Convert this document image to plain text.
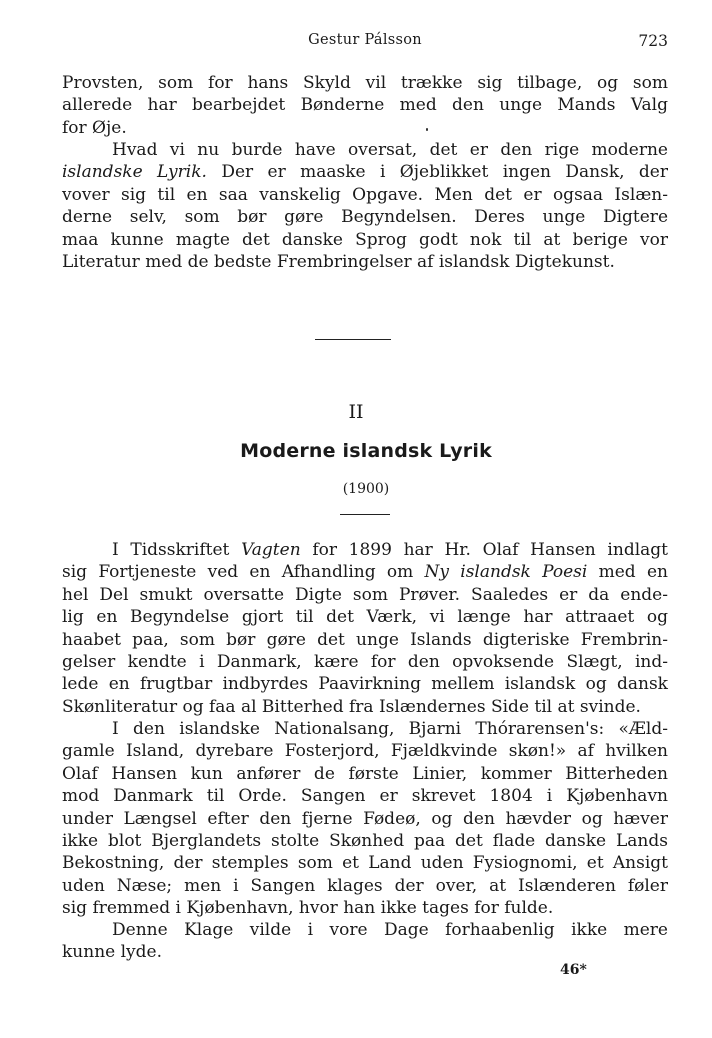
Gestur Pálsson	723

Provsten, som for hans Skyld vil trække sig tilbage, og som
allerede har bearbejdet Bønderne med den unge Mands Valg
for Øje.

Hvad vi nu burde have oversat, det er den rige moderne
islandske Lyrik. Der er maaske i Øjeblikket ingen Dansk, der
vover sig til en saa vanskelig Opgave. Men det er ogsaa Islæn-
derne selv, som bør gøre Begyndelsen. Deres unge Digtere
maa kunne magte det danske Sprog godt nok til at berige vor
Literatur med de bedste Frembringelser af islandsk Digtekunst.

II
Moderne islandsk Lyrik
(1900)

I Tidsskriftet Vagten for 1899 har Hr. Olaf Hansen indlagt
sig Fortjeneste ved en Afhandling om Ny islandsk Poesi med en
hel Del smukt oversatte Digte som Prøver. Saaledes er da ende-
lig en Begyndelse gjort til det Værk, vi længe har attraaet og
haabet paa, som bør gøre det unge Islands digteriske Frembrin-
gelser kendte i Danmark, kære for den opvoksende Slægt, ind-
lede en frugtbar indbyrdes Paavirkning mellem islandsk og dansk
Skønliteratur og faa al Bitterhed fra Islændernes Side til at svinde.

I den islandske Nationalsang, Bjarni Thórarensen's: «Æld-
gamle Island, dyrebare Fosterjord, Fjældkvinde skøn!» af hvilken
Olaf Hansen kun anfører de første Linier, kommer Bitterheden
mod Danmark til Orde. Sangen er skrevet 1804 i Kjøbenhavn
under Længsel efter den fjerne Fødeø, og den hævder og hæver
ikke blot Bjerglandets stolte Skønhed paa det flade danske Lands
Bekostning, der stemples som et Land uden Fysiognomi, et Ansigt
uden Næse; men i Sangen klages der over, at Islænderen føler
sig fremmed i Kjøbenhavn, hvor han ikke tages for fulde.

Denne Klage vilde i vore Dage forhaabenlig ikke mere
kunne lyde.

46*
